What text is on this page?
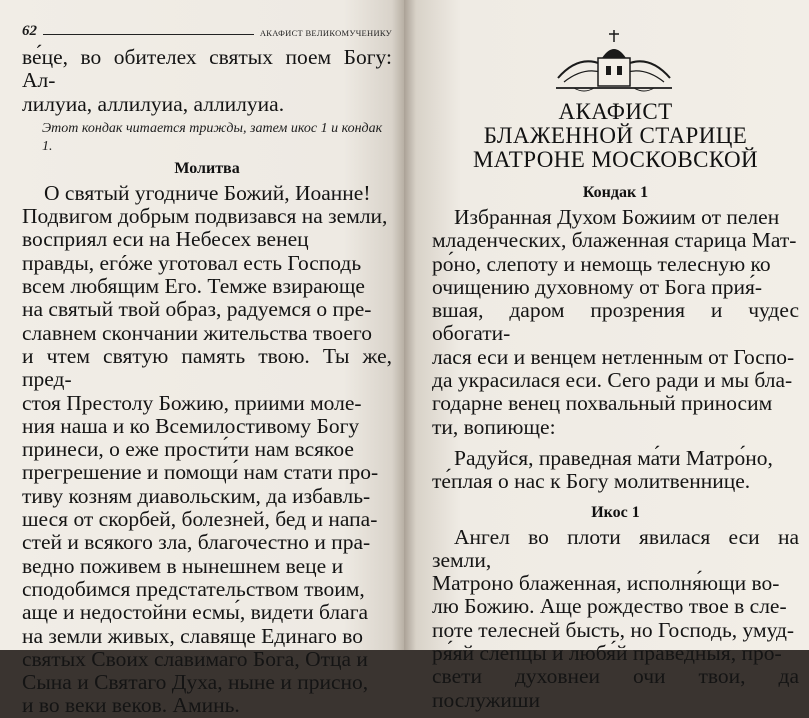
62	АКАФИСТ ВЕЛИКОМУЧЕНИКУ

ве́це, во обителех святых поем Богу: Ал-

лилуиа, аллилуиа, аллилуиа.

Этот кондак читается трижды, затем икос 1 и кондак 1.

Молитва

О святый угодниче Божий, Иоанне!

Подвигом добрым подвизався на земли,

восприял еси на Небесех венец

правды, егóже уготовал есть Господь

всем любящим Его. Темже взирающе

на святый твой образ, радуемся о пре-

славнем скончании жительства твоего

и чтем святую память твою. Ты же, пред-

стоя Престолу Божию, приими моле-

ния наша и ко Всемилостивому Богу

принеси, о еже прости́ти нам всякое

прегрешение и помощи́ нам стати про-

тиву козням диавольским, да избавль-

шеся от скорбей, болезней, бед и напа-

стей и всякого зла, благочестно и пра-

ведно поживем в нынешнем веце и

сподобимся предстательством твоим,

аще и недостойни есмы́, видети блага

на земли живых, славяще Единаго во

святых Своих славимаго Бога, Отца и

Сына и Святаго Духа, ныне и присно,

и во веки веков. Аминь.

АКАФИСТ
БЛАЖЕННОЙ СТАРИЦЕ
МАТРОНЕ МОСКОВСКОЙ

Кондак 1

Избранная Духом Божиим от пелен

младенческих, блаженная старица Мат-

ро́но, слепоту и немощь телесную ко

очищению духовному от Бога прия́-

вшая, даром прозрения и чудес обогати-

лася еси и венцем нетленным от Госпо-

да украсилася еси. Сего ради и мы бла-

годарне венец похвальный приносим

ти, вопиюще:

Радуйся, праведная ма́ти Матро́но,

те́плая о нас к Богу молитвеннице.

Икос 1

Ангел во плоти явилася еси на земли,

Матроно блаженная, исполня́ющи во-

лю Божию. Аще рождество твое в сле-

поте телесней бысть, но Господь, умуд-

ря́яй слепцы и любя́й праведныя, про-

свети духовнеи очи твои, да послужиши
